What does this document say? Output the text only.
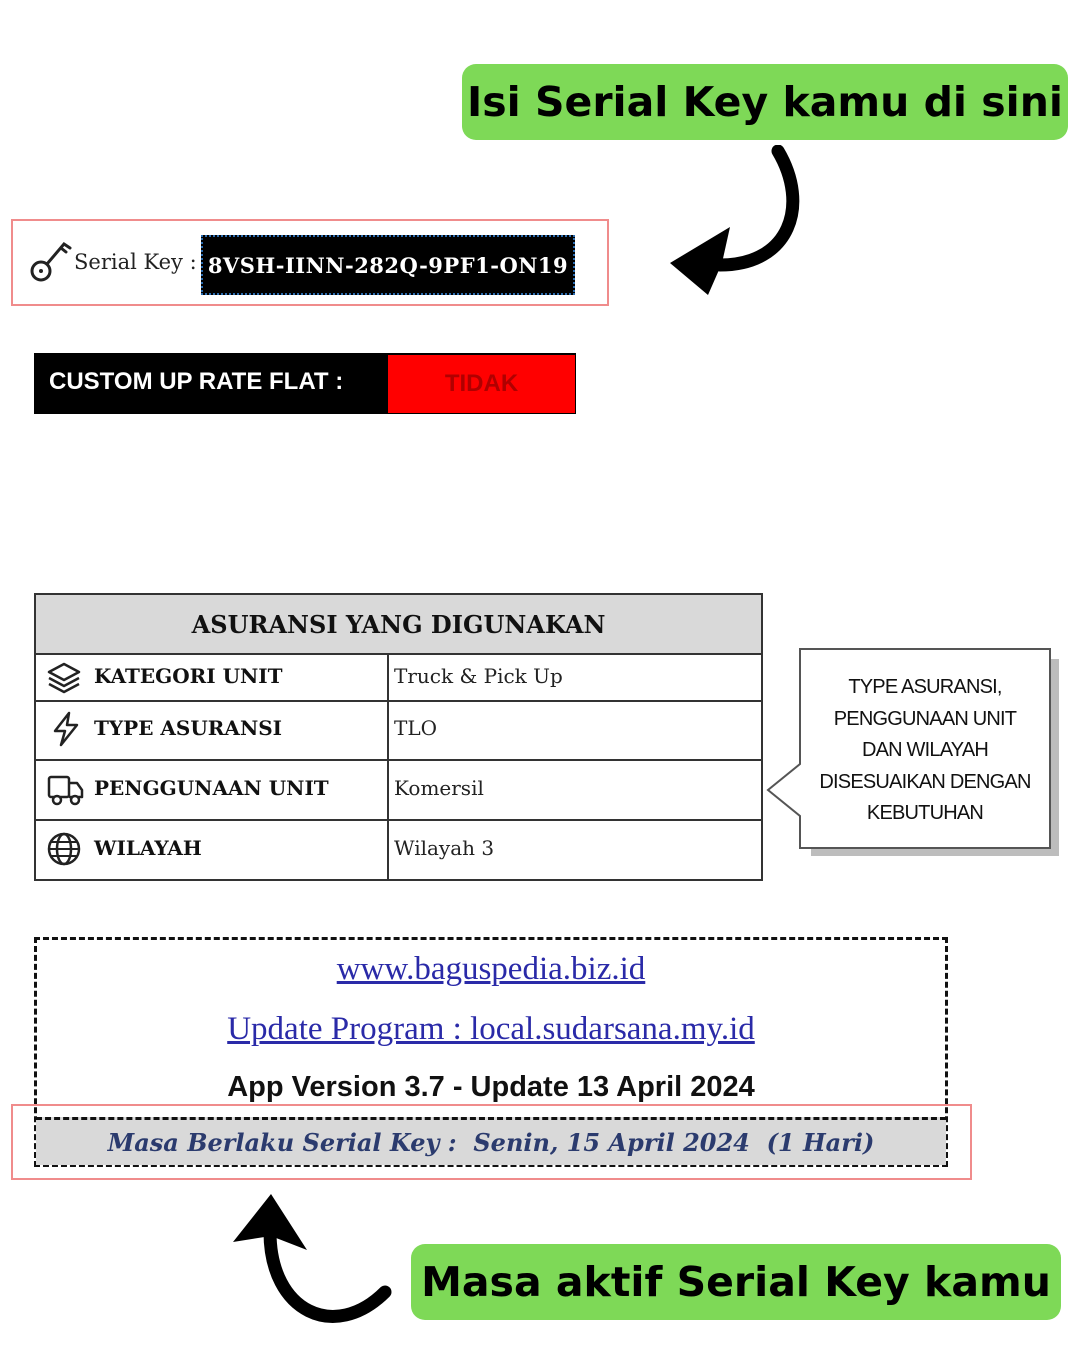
Isi Serial Key kamu di sini
Serial Key : 8VSH-IINN-282Q-9PF1-ON19
CUSTOM UP RATE FLAT :	TIDAK
ASURANSI YANG DIGUNAKAN
KATEGORI UNIT	Truck & Pick Up
TYPE ASURANSI	TLO
PENGGUNAAN UNIT	Komersil
WILAYAH	Wilayah 3
TYPE ASURANSI,
PENGGUNAAN UNIT
DAN WILAYAH
DISESUAIKAN DENGAN
KEBUTUHAN
www.baguspedia.biz.id
Update Program : local.sudarsana.my.id
App Version 3.7 - Update 13 April 2024
Masa Berlaku Serial Key :  Senin, 15 April 2024  (1 Hari)
Masa aktif Serial Key kamu
